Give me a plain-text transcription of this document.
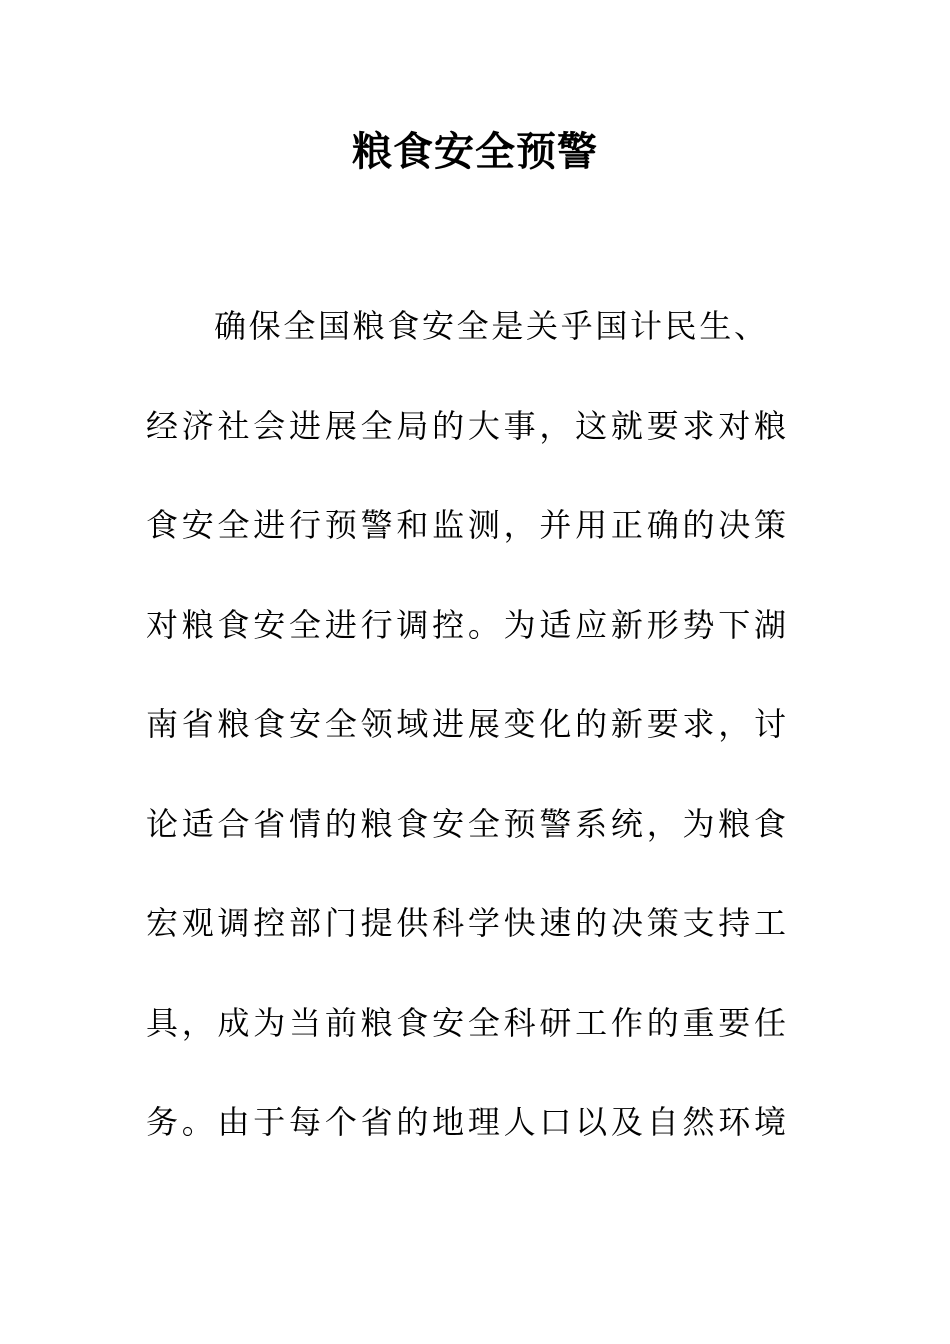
粮食安全预警
确保全国粮食安全是关乎国计民生、
经济社会进展全局的大事，这就要求对粮
食安全进行预警和监测，并用正确的决策
对粮食安全进行调控。为适应新形势下湖
南省粮食安全领域进展变化的新要求，讨
论适合省情的粮食安全预警系统，为粮食
宏观调控部门提供科学快速的决策支持工
具，成为当前粮食安全科研工作的重要任
务。由于每个省的地理人口以及自然环境
